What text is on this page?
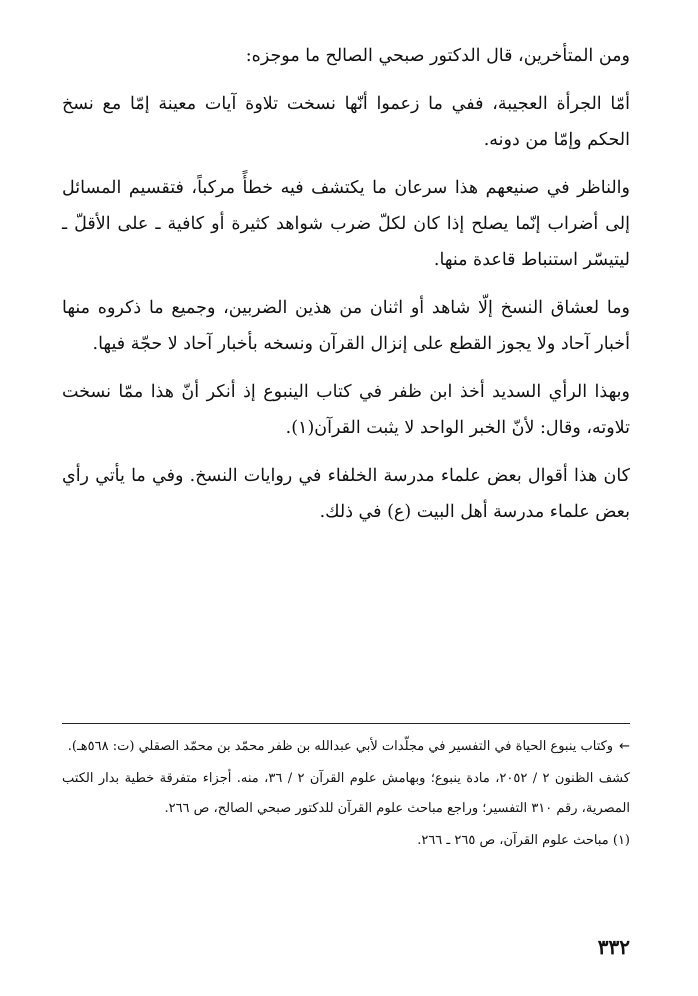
ومن المتأخرين، قال الدكتور صبحي الصالح ما موجزه:

أمّا الجرأة العجيبة، ففي ما زعموا أنّها نسخت تلاوة آيات معينة إمّا مع نسخ الحكم وإمّا من دونه.

والناظر في صنيعهم هذا سرعان ما يكتشف فيه خطأً مركباً، فتقسيم المسائل إلى أضراب إنّما يصلح إذا كان لكلّ ضرب شواهد كثيرة أو كافية ـ على الأقلّ ـ ليتيسّر استنباط قاعدة منها.

وما لعشاق النسخ إلّا شاهد أو اثنان من هذين الضربين، وجميع ما ذكروه منها أخبار آحاد ولا يجوز القطع على إنزال القرآن ونسخه بأخبار آحاد لا حجّة فيها.

وبهذا الرأي السديد أخذ ابن ظفر في كتاب الينبوع إذ أنكر أنّ هذا ممّا نسخت تلاوته، وقال: لأنّ الخبر الواحد لا يثبت القرآن(١).

كان هذا أقوال بعض علماء مدرسة الخلفاء في روايات النسخ. وفي ما يأتي رأي بعض علماء مدرسة أهل البيت (ع) في ذلك.

←وكتاب ينبوع الحياة في التفسير في مجلّدات لأبي عبدالله بن ظفر محمّد بن محمّد الصقلي (ت: ٥٦٨هـ).

كشف الظنون ٢ / ٢٠٥٢، مادة ينبوع؛ وبهامش علوم القرآن ٢ / ٣٦، منه. أجزاء متفرقة خطية بدار الكتب المصرية، رقم ٣١٠ التفسير؛ وراجع مباحث علوم القرآن للدكتور صبحي الصالح، ص ٢٦٦.

(١) مباحث علوم القرآن، ص ٢٦٥ ـ ٢٦٦.

٣٣٢
